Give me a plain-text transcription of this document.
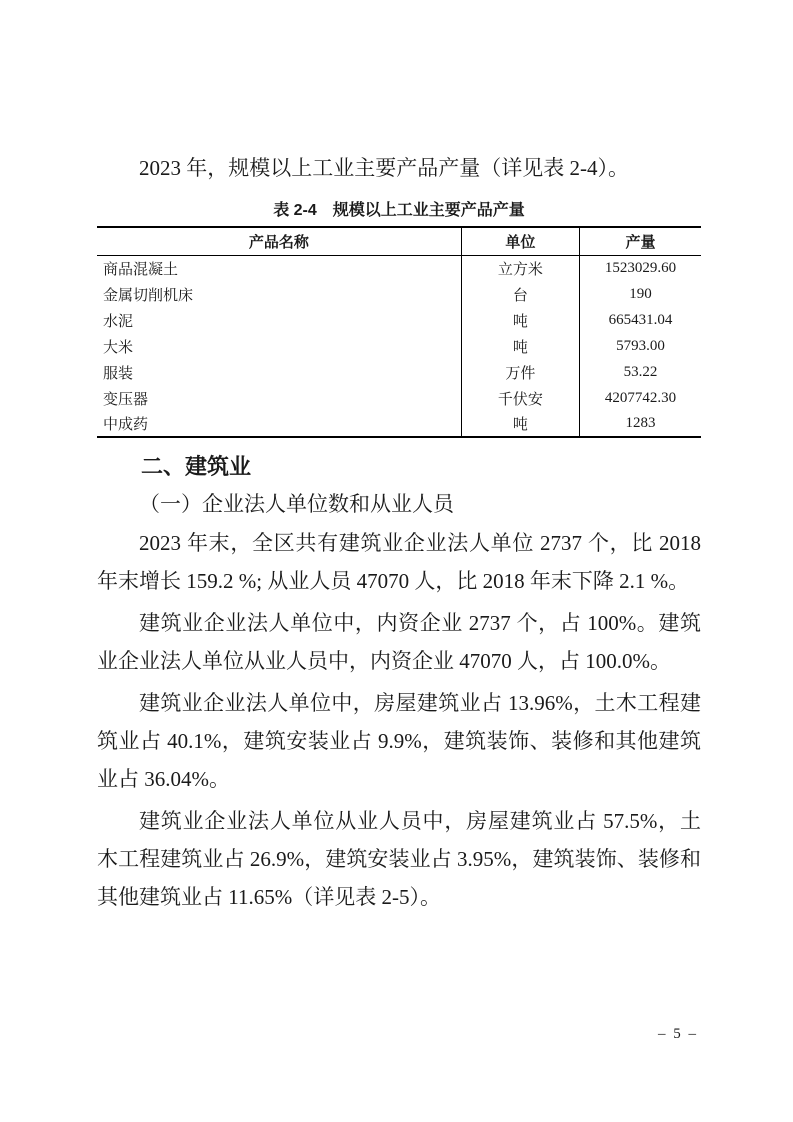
2023 年，规模以上工业主要产品产量（详见表 2-4）。

表 2-4　规模以上工业主要产品产量
产品名称	单位	产量
商品混凝土	立方米	1523029.60
金属切削机床	台	190
水泥	吨	665431.04
大米	吨	5793.00
服装	万件	53.22
变压器	千伏安	4207742.30
中成药	吨	1283
二、建筑业
（一）企业法人单位数和从业人员

2023 年末，全区共有建筑业企业法人单位 2737 个，比 2018 年末增长 159.2 %; 从业人员 47070 人，比 2018 年末下降 2.1 %。

建筑业企业法人单位中，内资企业 2737 个，占 100%。建筑业企业法人单位从业人员中，内资企业 47070 人，占 100.0%。

建筑业企业法人单位中，房屋建筑业占 13.96%，土木工程建筑业占 40.1%，建筑安装业占 9.9%，建筑装饰、装修和其他建筑业占 36.04%。

建筑业企业法人单位从业人员中，房屋建筑业占 57.5%，土木工程建筑业占 26.9%，建筑安装业占 3.95%，建筑装饰、装修和其他建筑业占 11.65%（详见表 2-5）。

– 5 –
